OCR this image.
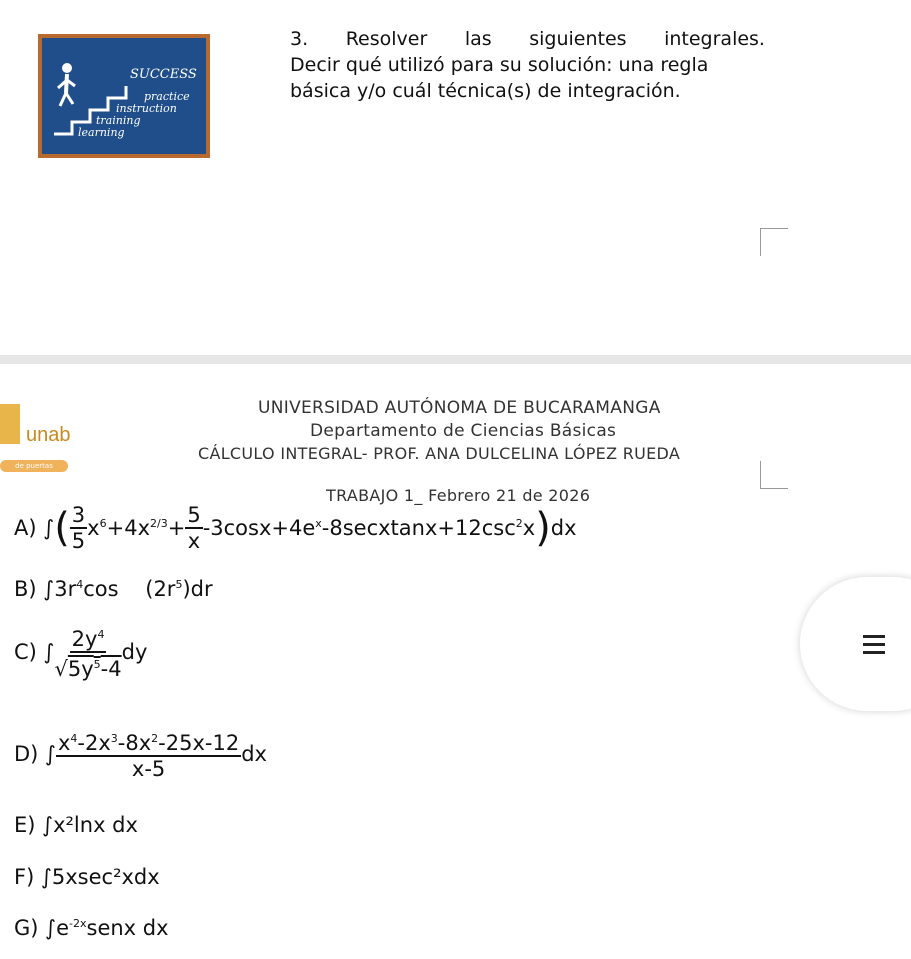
SUCCESS
practice
instruction
training
learning
3. Resolver las siguientes integrales.
Decir qué utilizó para su solución: una regla
básica y/o cuál técnica(s) de integración.
unab
de puertas abiertas
UNIVERSIDAD AUTÓNOMA DE BUCARAMANGA
Departamento de Ciencias Básicas
CÁLCULO INTEGRAL- PROF. ANA DULCELINA LÓPEZ RUEDA
TRABAJO 1_ Febrero 21 de 2026
A) ∫ ( $\frac{3}{5} x^6+4x^{2/3}+ \frac{5}{x}$ $-3\cos x+4e^x-8secxtanx+12\csc^2x$ ) dx
B) $\int 3r^4\cos$    $(2r^5)dr$
C) ∫ $\frac{2y^4}{√5y^5-4}$ dy
D) ∫ $\frac{x^4-2x^3-8x^2-25x-12}{x-5}$ dx
E) ∫x²lnx dx
F) ∫5xsec²xdx
G) $\int e^{-2x}senx$ dx
